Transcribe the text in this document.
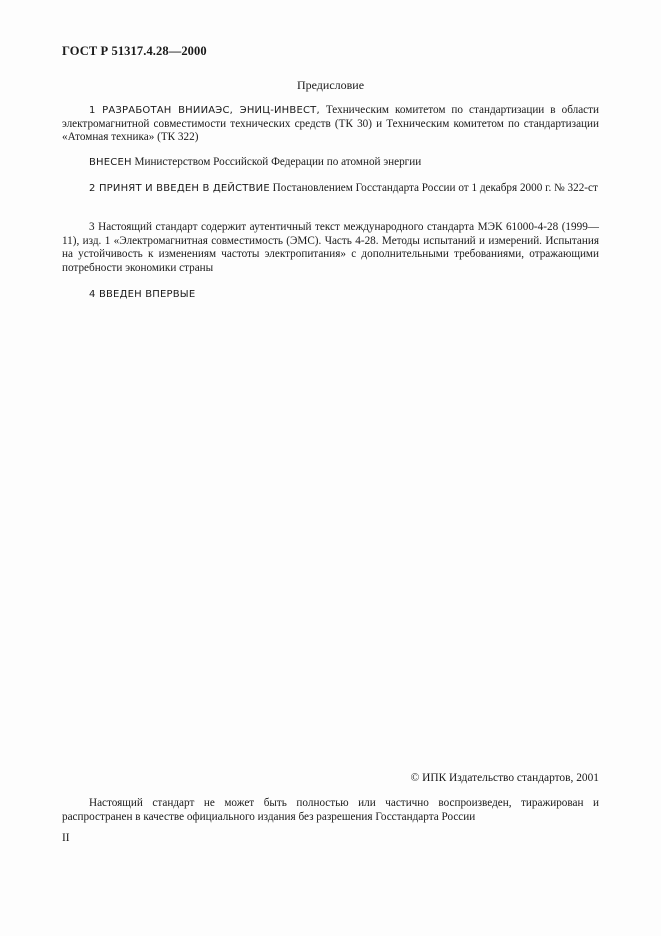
ГОСТ Р 51317.4.28—2000
Предисловие
1 РАЗРАБОТАН ВНИИАЭС, ЭНИЦ-ИНВЕСТ, Техническим комитетом по стандартизации в области электромагнитной совместимости технических средств (ТК 30) и Техническим комитетом по стандартизации «Атомная техника» (ТК 322)
ВНЕСЕН Министерством Российской Федерации по атомной энергии
2 ПРИНЯТ И ВВЕДЕН В ДЕЙСТВИЕ Постановлением Госстандарта России от 1 декабря 2000 г. № 322-ст
3 Настоящий стандарт содержит аутентичный текст международного стандарта МЭК 61000-4-28 (1999—11), изд. 1 «Электромагнитная совместимость (ЭМС). Часть 4-28. Методы испытаний и измерений. Испытания на устойчивость к изменениям частоты электропитания» с дополнительными требованиями, отражающими потребности экономики страны
4 ВВЕДЕН ВПЕРВЫЕ
© ИПК Издательство стандартов, 2001
Настоящий стандарт не может быть полностью или частично воспроизведен, тиражирован и распространен в качестве официального издания без разрешения Госстандарта России
II
